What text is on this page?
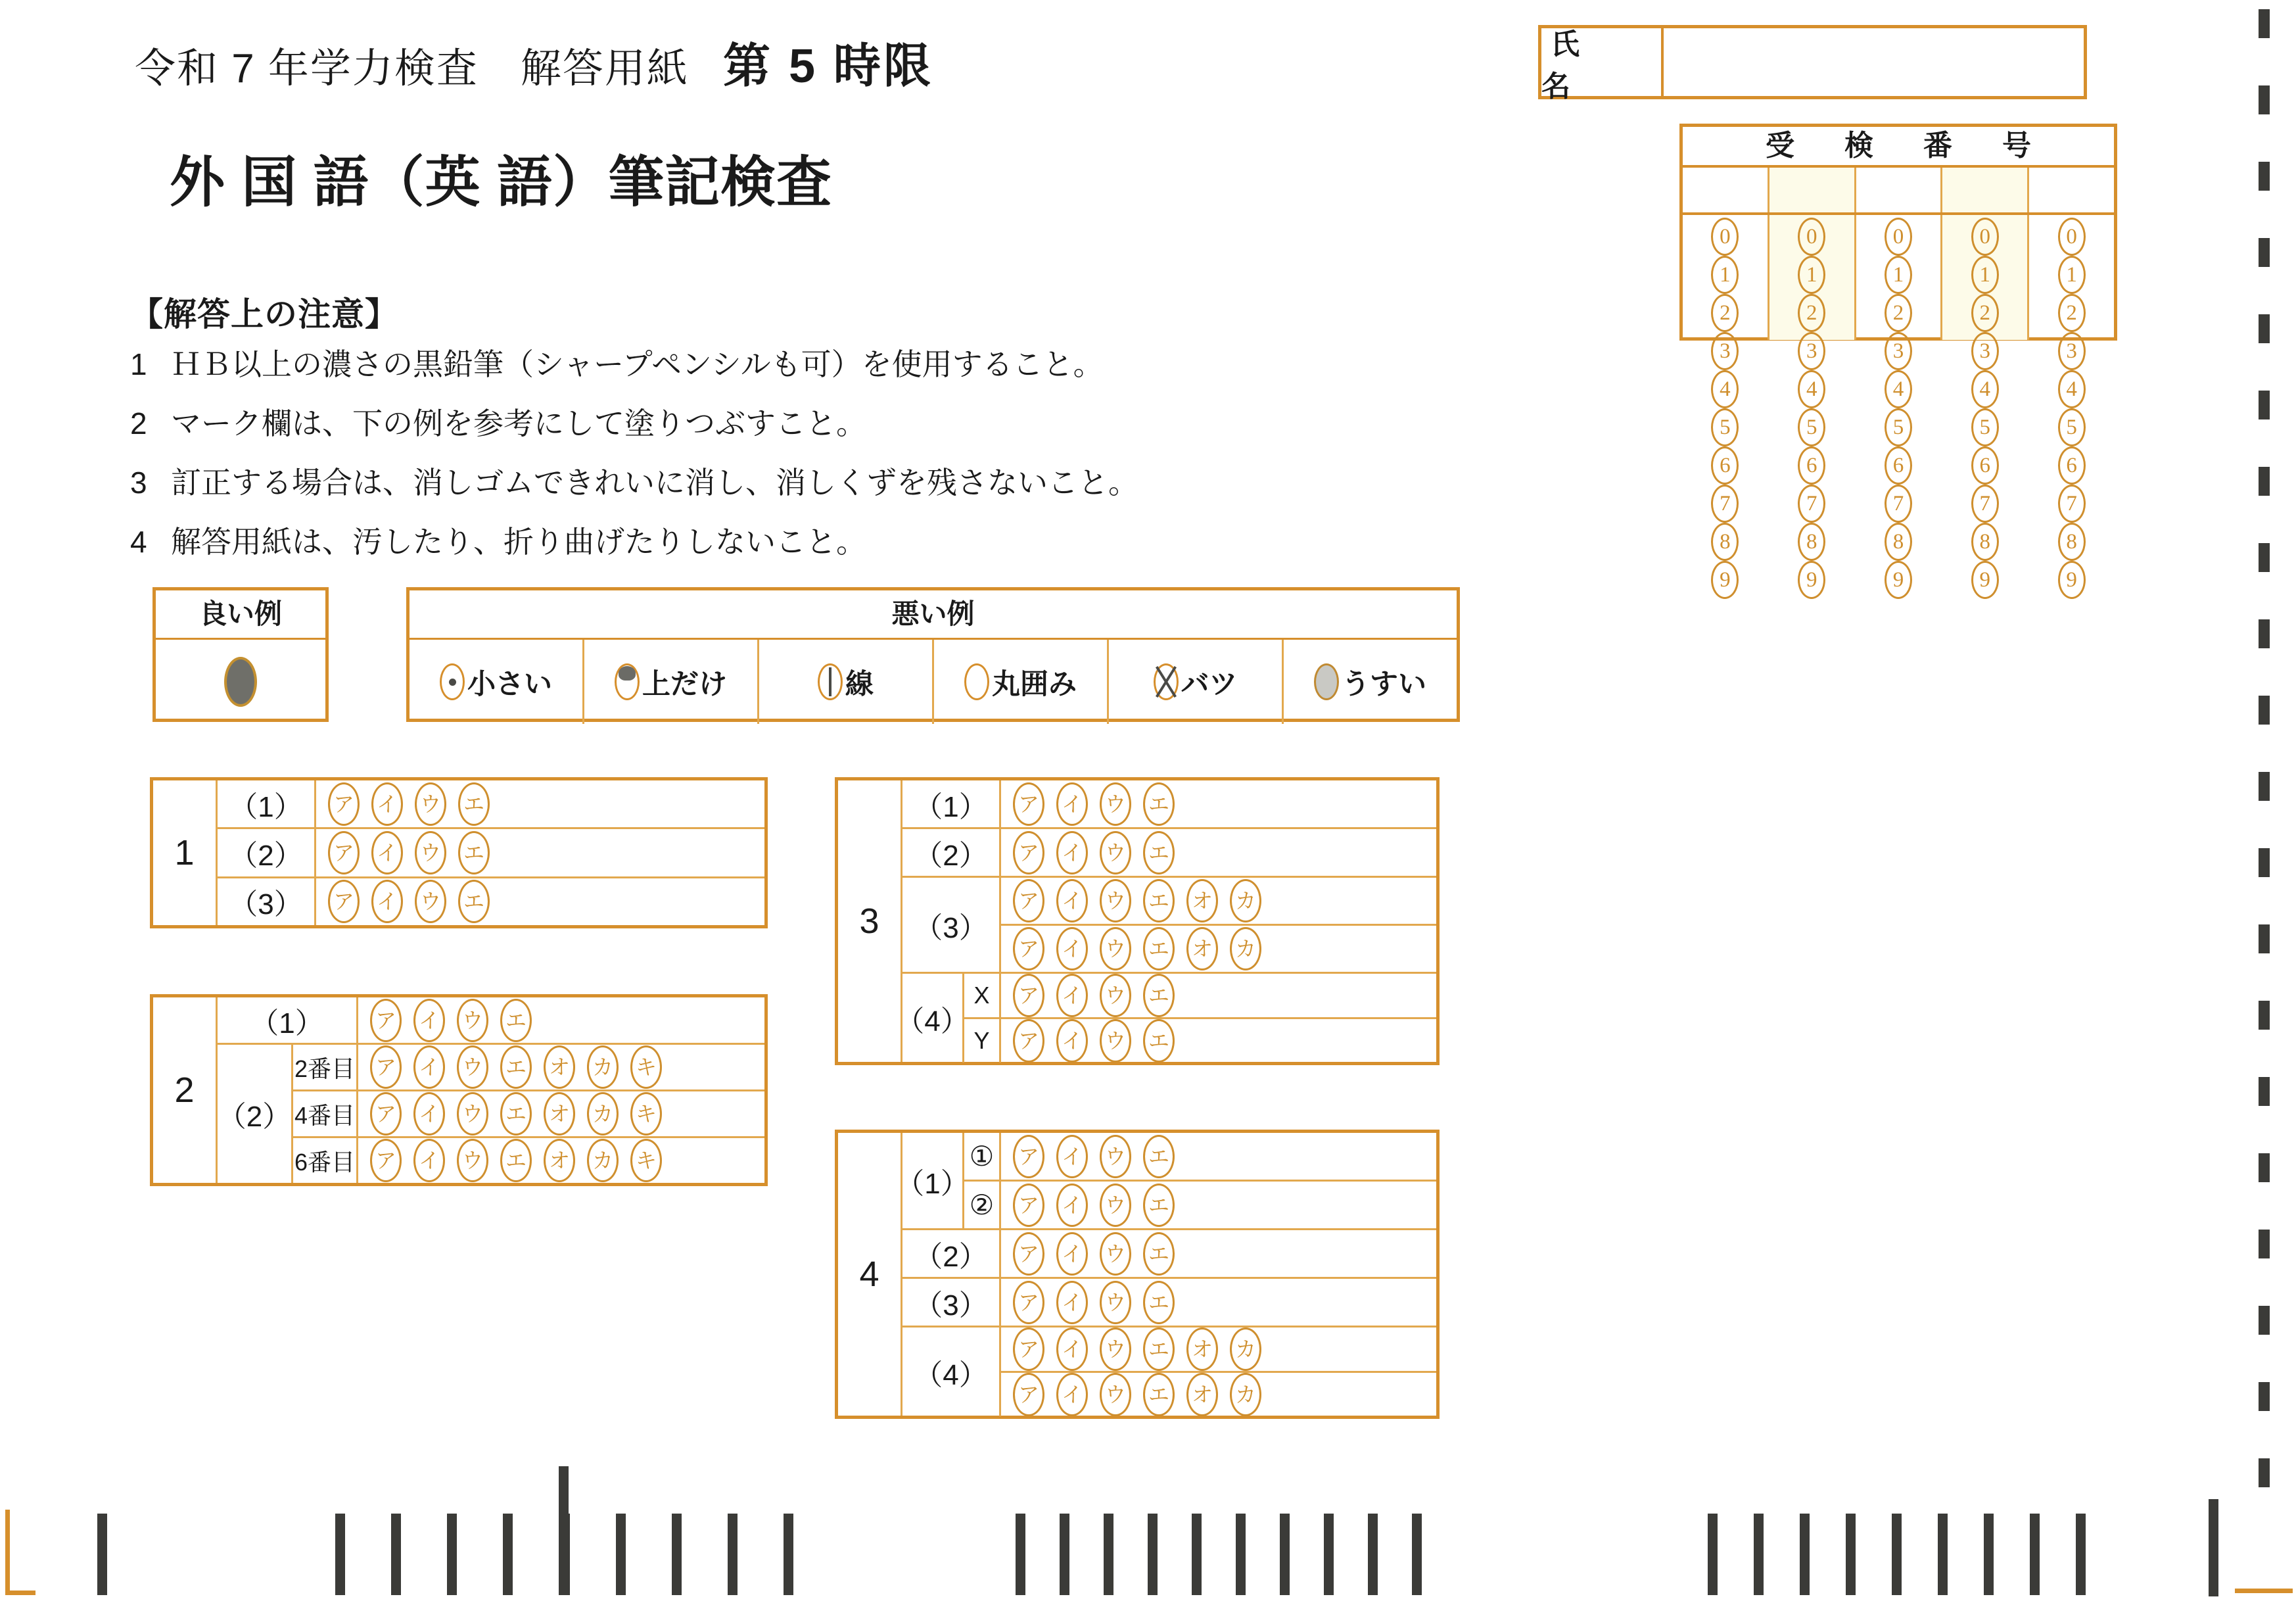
令和 7 年学力検査　解答用紙 第 5 時限
外 国 語（英 語）筆記検査
【解答上の注意】
1 ＨＢ以上の濃さの黒鉛筆（シャープペンシルも可）を使用すること。
2 マーク欄は、下の例を参考にして塗りつぶすこと。
3 訂正する場合は、消しゴムできれいに消し、消しくずを残さないこと。
4 解答用紙は、汚したり、折り曲げたりしないこと。
良い例	悪い例
小さい	上だけ	線	丸囲み	バツ	うすい
氏　名
受　検　番　号
0
1
2
3
4
5
6
7
8
9
0
1
2
3
4
5
6
7
8
9
0
1
2
3
4
5
6
7
8
9
0
1
2
3
4
5
6
7
8
9
0
1
2
3
4
5
6
7
8
9
1
（1）	ア イ ウ エ
（2）	ア イ ウ エ
（3）	ア イ ウ エ
2
（1）	ア イ ウ エ
（2）
2番目 ア イ ウ エ オ カ キ
4番目 ア イ ウ エ オ カ キ
6番目 ア イ ウ エ オ カ キ
3
（1）	ア イ ウ エ
（2）	ア イ ウ エ
（3）
ア イ ウ エ オ カ
ア イ ウ エ オ カ
（4）
X	ア イ ウ エ
Y	ア イ ウ エ
4
（1）
①	ア イ ウ エ
②	ア イ ウ エ
（2）	ア イ ウ エ
（3）	ア イ ウ エ
（4）
ア イ ウ エ オ カ
ア イ ウ エ オ カ
